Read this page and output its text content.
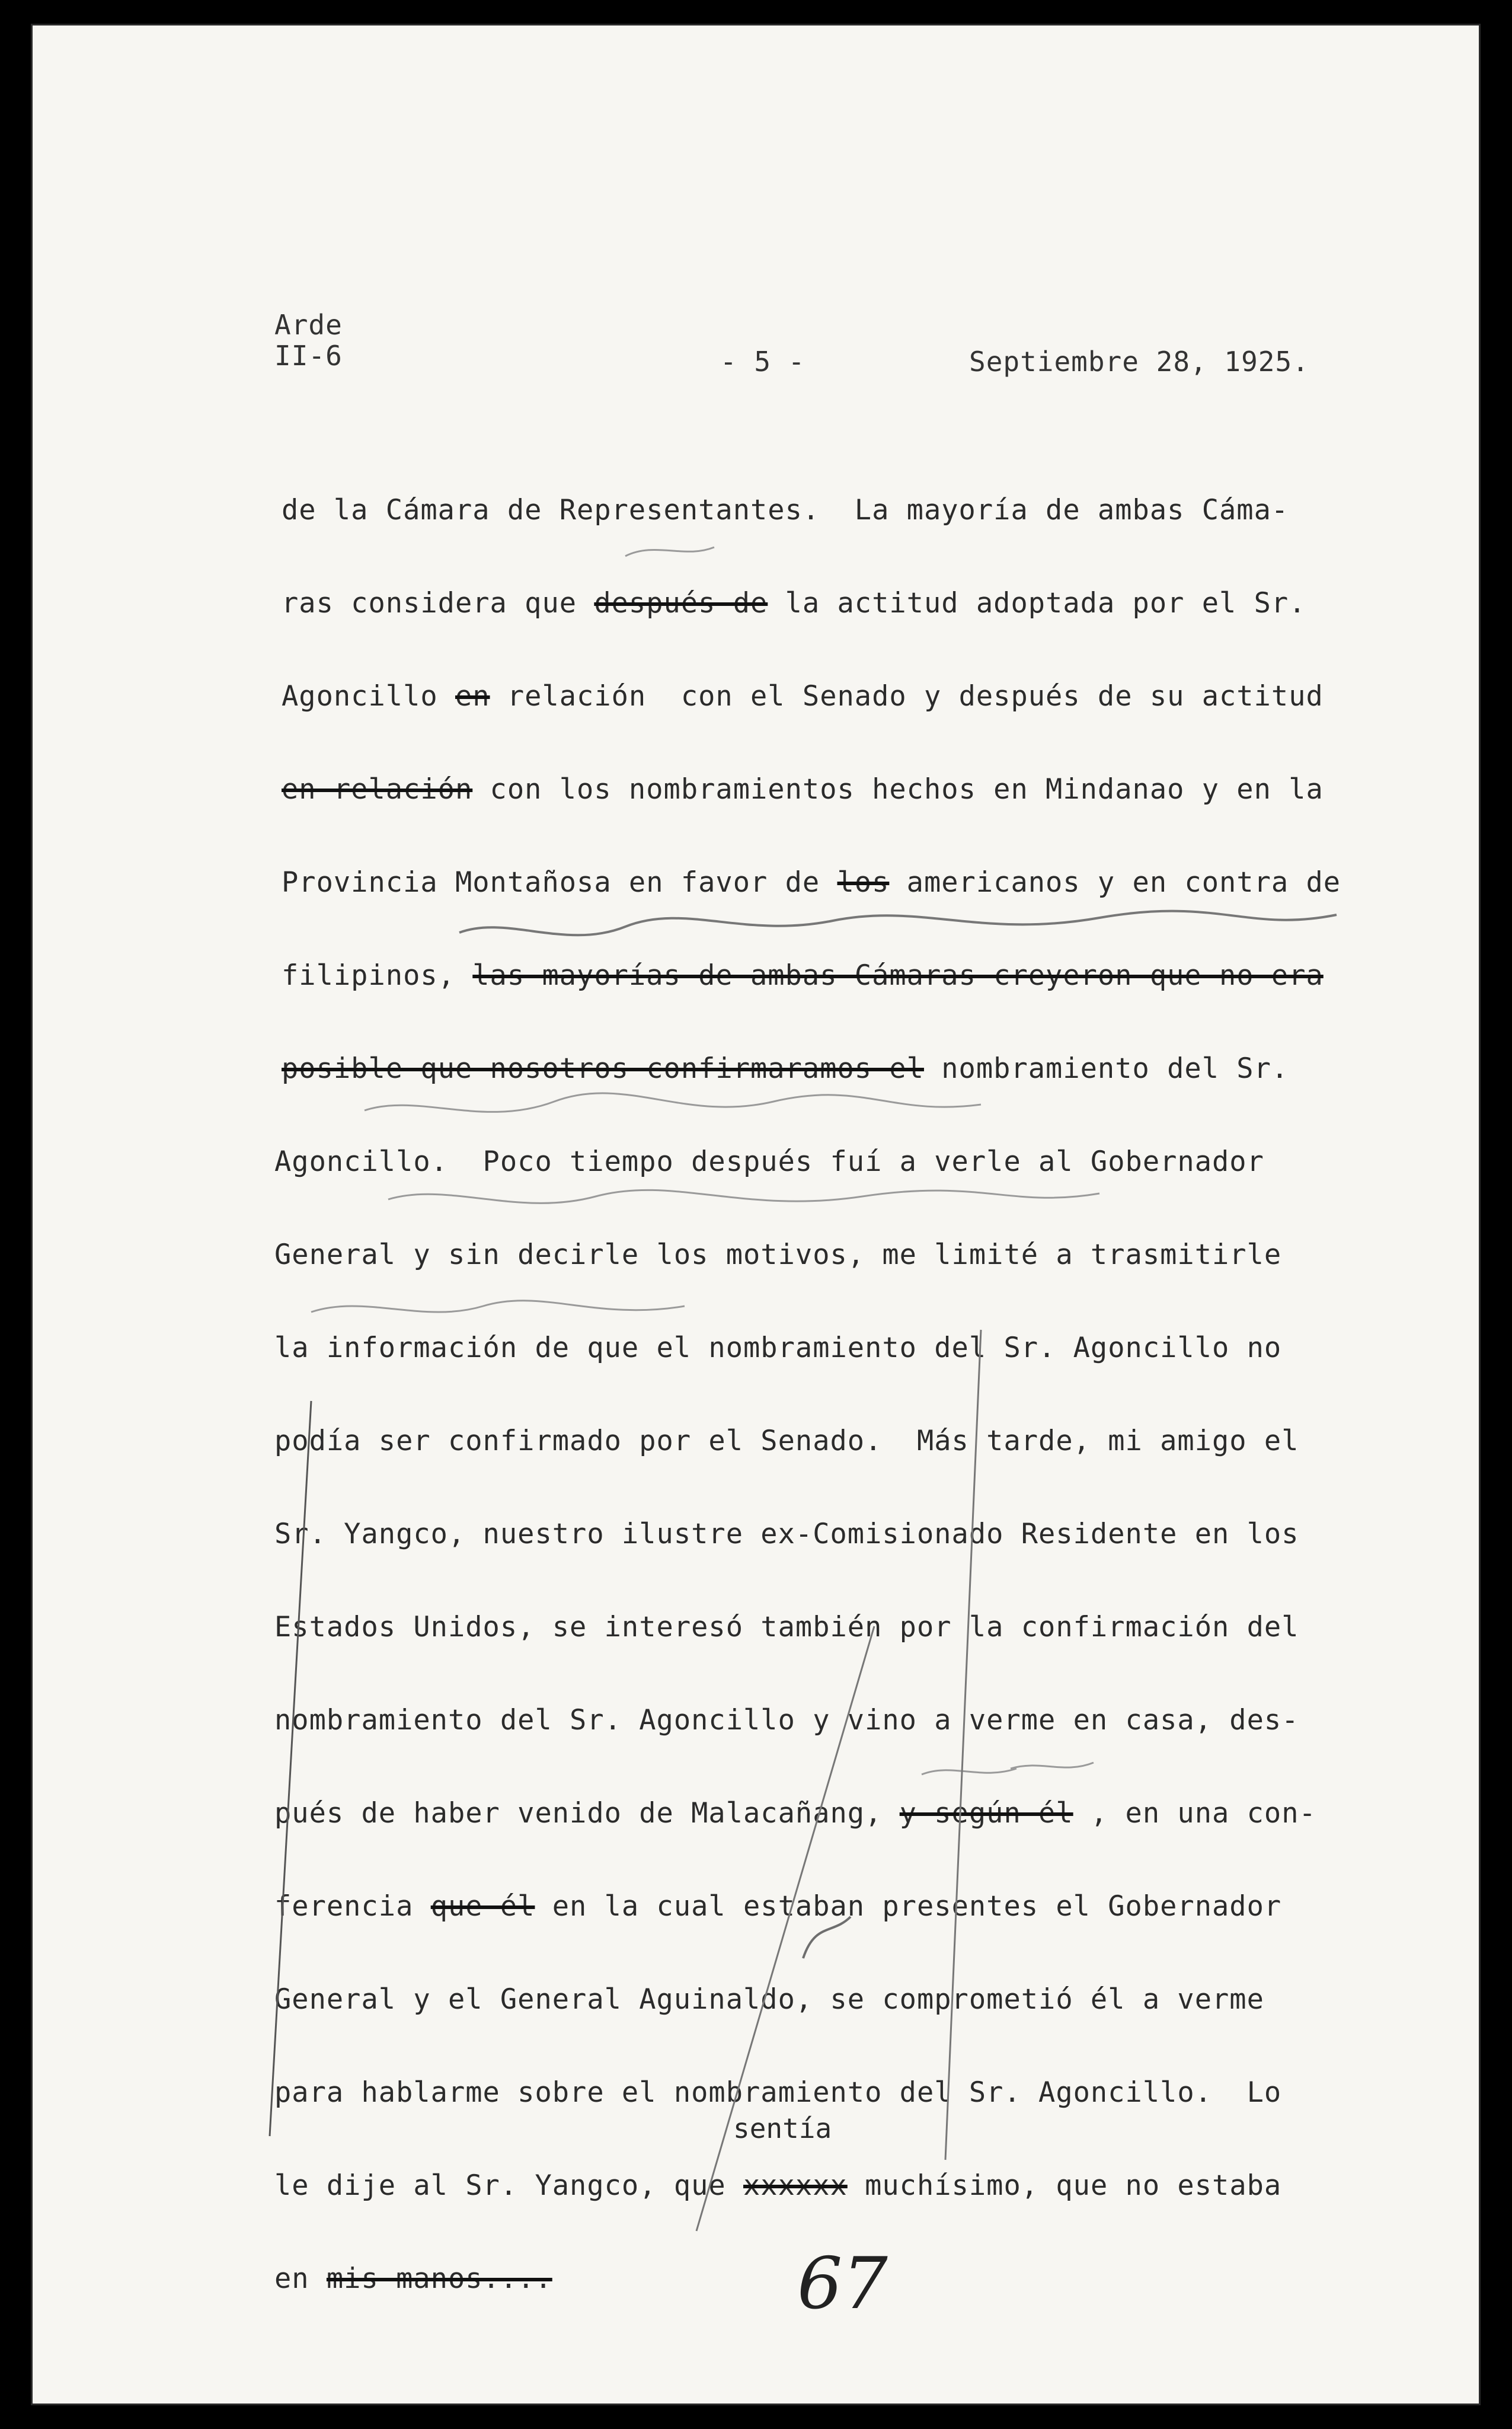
Arde
II-6	- 5 -	Septiembre 28, 1925.
de la Cámara de Representantes.  La mayoría de ambas Cáma-
ras considera que después de la actitud adoptada por el Sr.
Agoncillo en relación  con el Senado y después de su actitud
en relación con los nombramientos hechos en Mindanao y en la
Provincia Montañosa en favor de los americanos y en contra de
filipinos, las mayorías de ambas Cámaras creyeron que no era
posible que nosotros confirmaramos el nombramiento del Sr.
Agoncillo.  Poco tiempo después fuí a verle al Gobernador
General y sin decirle los motivos, me limité a trasmitirle
la información de que el nombramiento del Sr. Agoncillo no
podía ser confirmado por el Senado.  Más tarde, mi amigo el
Sr. Yangco, nuestro ilustre ex-Comisionado Residente en los
Estados Unidos, se interesó también por la confirmación del
nombramiento del Sr. Agoncillo y vino a verme en casa, des-
pués de haber venido de Malacañang, y según él , en una con-
ferencia que él en la cual estaban presentes el Gobernador
General y el General Aguinaldo, se comprometió él a verme
para hablarme sobre el nombramiento del Sr. Agoncillo.  Lo
le dije al Sr. Yangco, que xxxxxx muchísimo, que no estaba
en mis manos....
sentía
67
